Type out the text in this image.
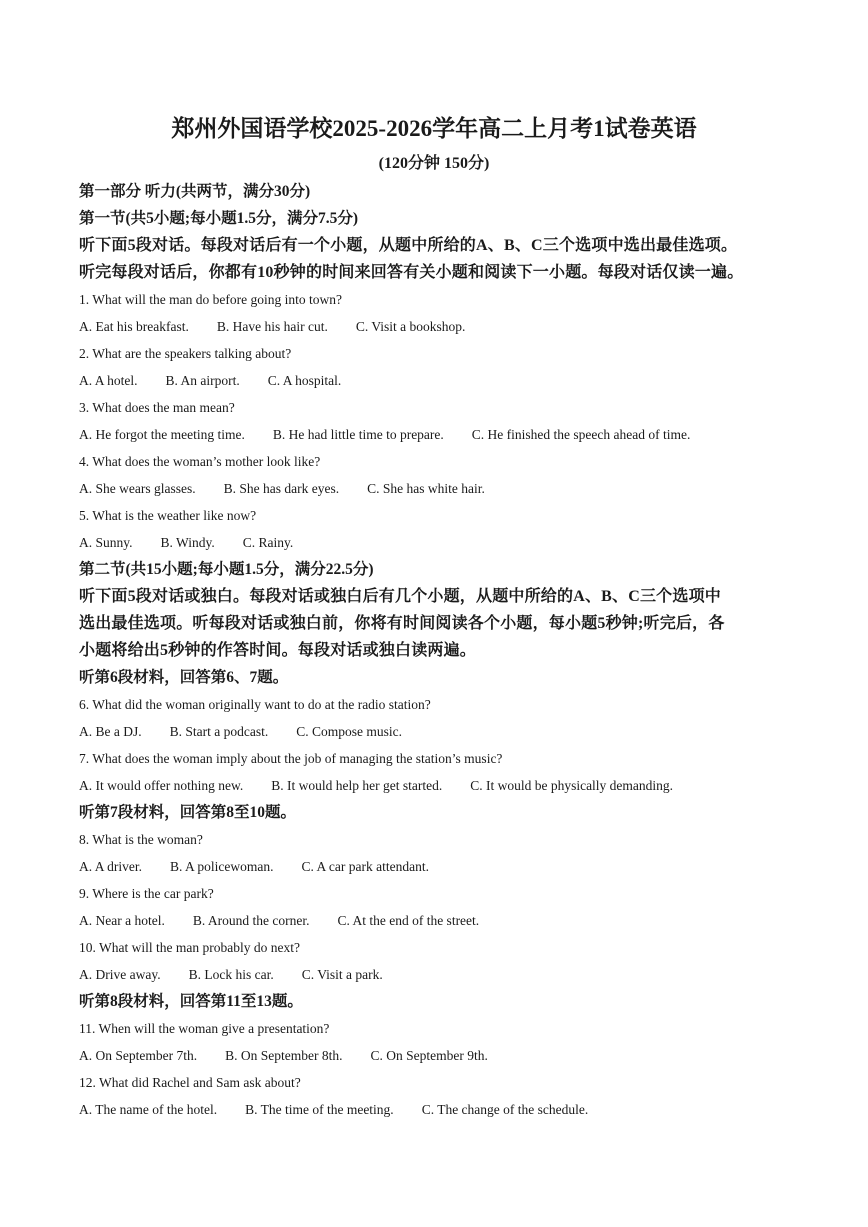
郑州外国语学校2025-2026学年高二上月考1试卷英语
(120分钟 150分)
第一部分 听力(共两节，满分30分)
第一节(共5小题;每小题1.5分，满分7.5分)
听下面5段对话。每段对话后有一个小题，从题中所给的A、B、C三个选项中选出最佳选项。
听完每段对话后，你都有10秒钟的时间来回答有关小题和阅读下一小题。每段对话仅读一遍。
1. What will the man do before going into town?
A. Eat his breakfast. B. Have his hair cut. C. Visit a bookshop.
2. What are the speakers talking about?
A. A hotel. B. An airport. C. A hospital.
3. What does the man mean?
A. He forgot the meeting time. B. He had little time to prepare. C. He finished the speech ahead of time.
4. What does the woman’s mother look like?
A. She wears glasses. B. She has dark eyes. C. She has white hair.
5. What is the weather like now?
A. Sunny. B. Windy. C. Rainy.
第二节(共15小题;每小题1.5分，满分22.5分)
听下面5段对话或独白。每段对话或独白后有几个小题，从题中所给的A、B、C三个选项中
选出最佳选项。听每段对话或独白前，你将有时间阅读各个小题，每小题5秒钟;听完后，各
小题将给出5秒钟的作答时间。每段对话或独白读两遍。
听第6段材料，回答第6、7题。
6. What did the woman originally want to do at the radio station?
A. Be a DJ. B. Start a podcast. C. Compose music.
7. What does the woman imply about the job of managing the station’s music?
A. It would offer nothing new. B. It would help her get started. C. It would be physically demanding.
听第7段材料，回答第8至10题。
8. What is the woman?
A. A driver. B. A policewoman. C. A car park attendant.
9. Where is the car park?
A. Near a hotel. B. Around the corner. C. At the end of the street.
10. What will the man probably do next?
A. Drive away. B. Lock his car. C. Visit a park.
听第8段材料，回答第11至13题。
11. When will the woman give a presentation?
A. On September 7th. B. On September 8th. C. On September 9th.
12. What did Rachel and Sam ask about?
A. The name of the hotel. B. The time of the meeting. C. The change of the schedule.
